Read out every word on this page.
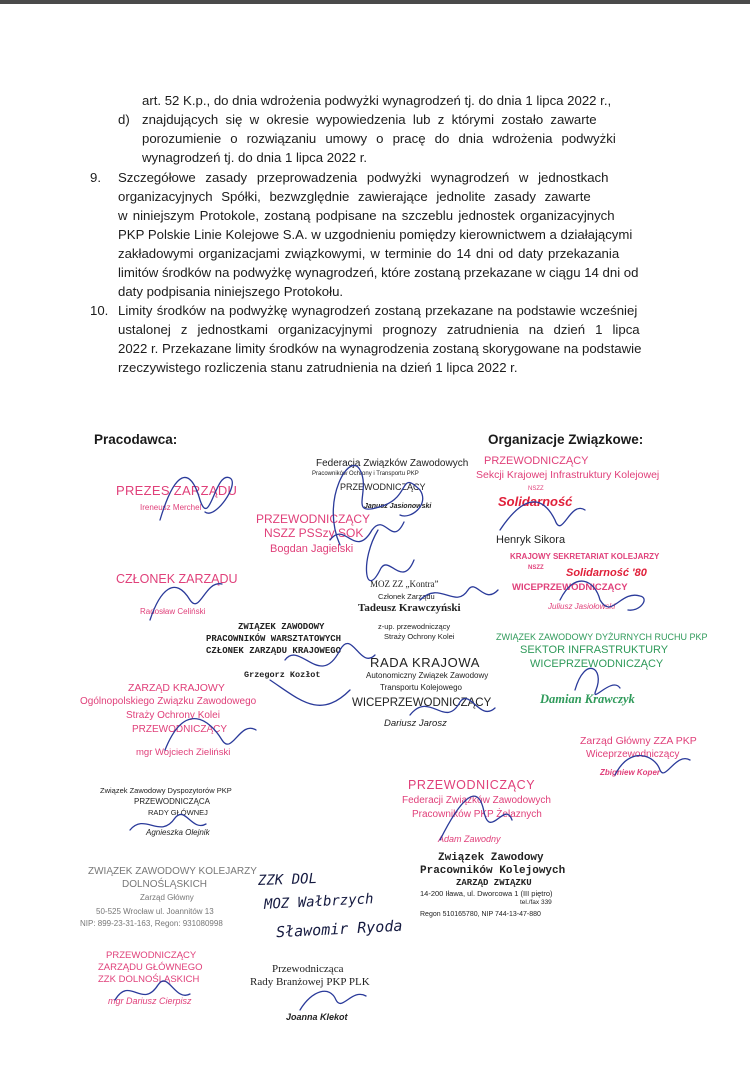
art. 52 K.p., do dnia wdrożenia podwyżki wynagrodzeń tj. do dnia 1 lipca 2022 r.,
d) znajdujących się w okresie wypowiedzenia lub z którymi zostało zawarte
porozumienie o rozwiązaniu umowy o pracę do dnia wdrożenia podwyżki
wynagrodzeń tj. do dnia 1 lipca 2022 r.
9. Szczegółowe zasady przeprowadzenia podwyżki wynagrodzeń w jednostkach
organizacyjnych Spółki, bezwzględnie zawierające jednolite zasady zawarte
w niniejszym Protokole, zostaną podpisane na szczeblu jednostek organizacyjnych
PKP Polskie Linie Kolejowe S.A. w uzgodnieniu pomiędzy kierownictwem a działającymi
zakładowymi organizacjami związkowymi, w terminie do 14 dni od daty przekazania
limitów środków na podwyżkę wynagrodzeń, które zostaną przekazane w ciągu 14 dni od
daty podpisania niniejszego Protokołu.
10. Limity środków na podwyżkę wynagrodzeń zostaną przekazane na podstawie wcześniej
ustalonej z jednostkami organizacyjnymi prognozy zatrudnienia na dzień 1 lipca
2022 r. Przekazane limity środków na wynagrodzenia zostaną skorygowane na podstawie
rzeczywistego rozliczenia stanu zatrudnienia na dzień 1 lipca 2022 r.
Pracodawca:	Organizacje Związkowe:
PREZES ZARZĄDU
Ireneusz Merchel
CZŁONEK ZARZĄDU
Radosław Celiński
Federacja Związków Zawodowych
Pracowników Ochrony i Transportu PKP
PRZEWODNICZĄCY
Janusz Jasionowski
PRZEWODNICZĄCY
NSZZ PSSzy SOK
Bogdan Jagielski
PRZEWODNICZĄCY
Sekcji Krajowej Infrastruktury Kolejowej
NSZZ
Solidarność
Henryk Sikora
KRAJOWY SEKRETARIAT KOLEJARZY
NSZZ Solidarność '80
WICEPRZEWODNICZĄCY
Juliusz Jasiołowski
MOZ ZZ „Kontra”
Członek Zarządu
Tadeusz Krawczyński
z-up. przewodniczący
Straży Ochrony Kolei
ZWIĄZEK ZAWODOWY
PRACOWNIKÓW WARSZTATOWYCH
CZŁONEK ZARZĄDU KRAJOWEGO
Grzegorz Kozłot
RADA KRAJOWA
Autonomiczny Związek Zawodowy
Transportu Kolejowego
WICEPRZEWODNICZĄCY
Dariusz Jarosz
ZWIĄZEK ZAWODOWY DYŻURNYCH RUCHU PKP
SEKTOR INFRASTRUKTURY
WICEPRZEWODNICZĄCY
Damian Krawczyk
ZARZĄD KRAJOWY
Ogólnopolskiego Związku Zawodowego
Straży Ochrony Kolei
PRZEWODNICZĄCY
mgr Wojciech Zieliński
Zarząd Główny ZZA PKP
Wiceprzewodniczący
Zbigniew Koper
Związek Zawodowy Dyspozytorów PKP
PRZEWODNICZĄCA
RADY GŁÓWNEJ
Agnieszka Olejnik
PRZEWODNICZĄCY
Federacji Związków Zawodowych
Pracowników PKP Żelaznych
Adam Zawodny
Związek Zawodowy
Pracowników Kolejowych
ZARZĄD ZWIĄZKU
14-200 Iława, ul. Dworcowa 1 (III piętro)
tel./fax 339
Regon 510165780, NIP 744-13-47-880
ZWIĄZEK ZAWODOWY KOLEJARZY
DOLNOŚLĄSKICH
Zarząd Główny
50-525 Wrocław ul. Joannitów 13
NIP: 899-23-31-163, Regon: 931080998
PRZEWODNICZĄCY
ZARZĄDU GŁÓWNEGO
ZZK DOLNOŚLĄSKICH
mgr Dariusz Cierpisz
ZZK DOL
MOZ Wałbrzych
Sławomir Ryoda
Przewodnicząca
Rady Branżowej PKP PLK
Joanna Klekot
